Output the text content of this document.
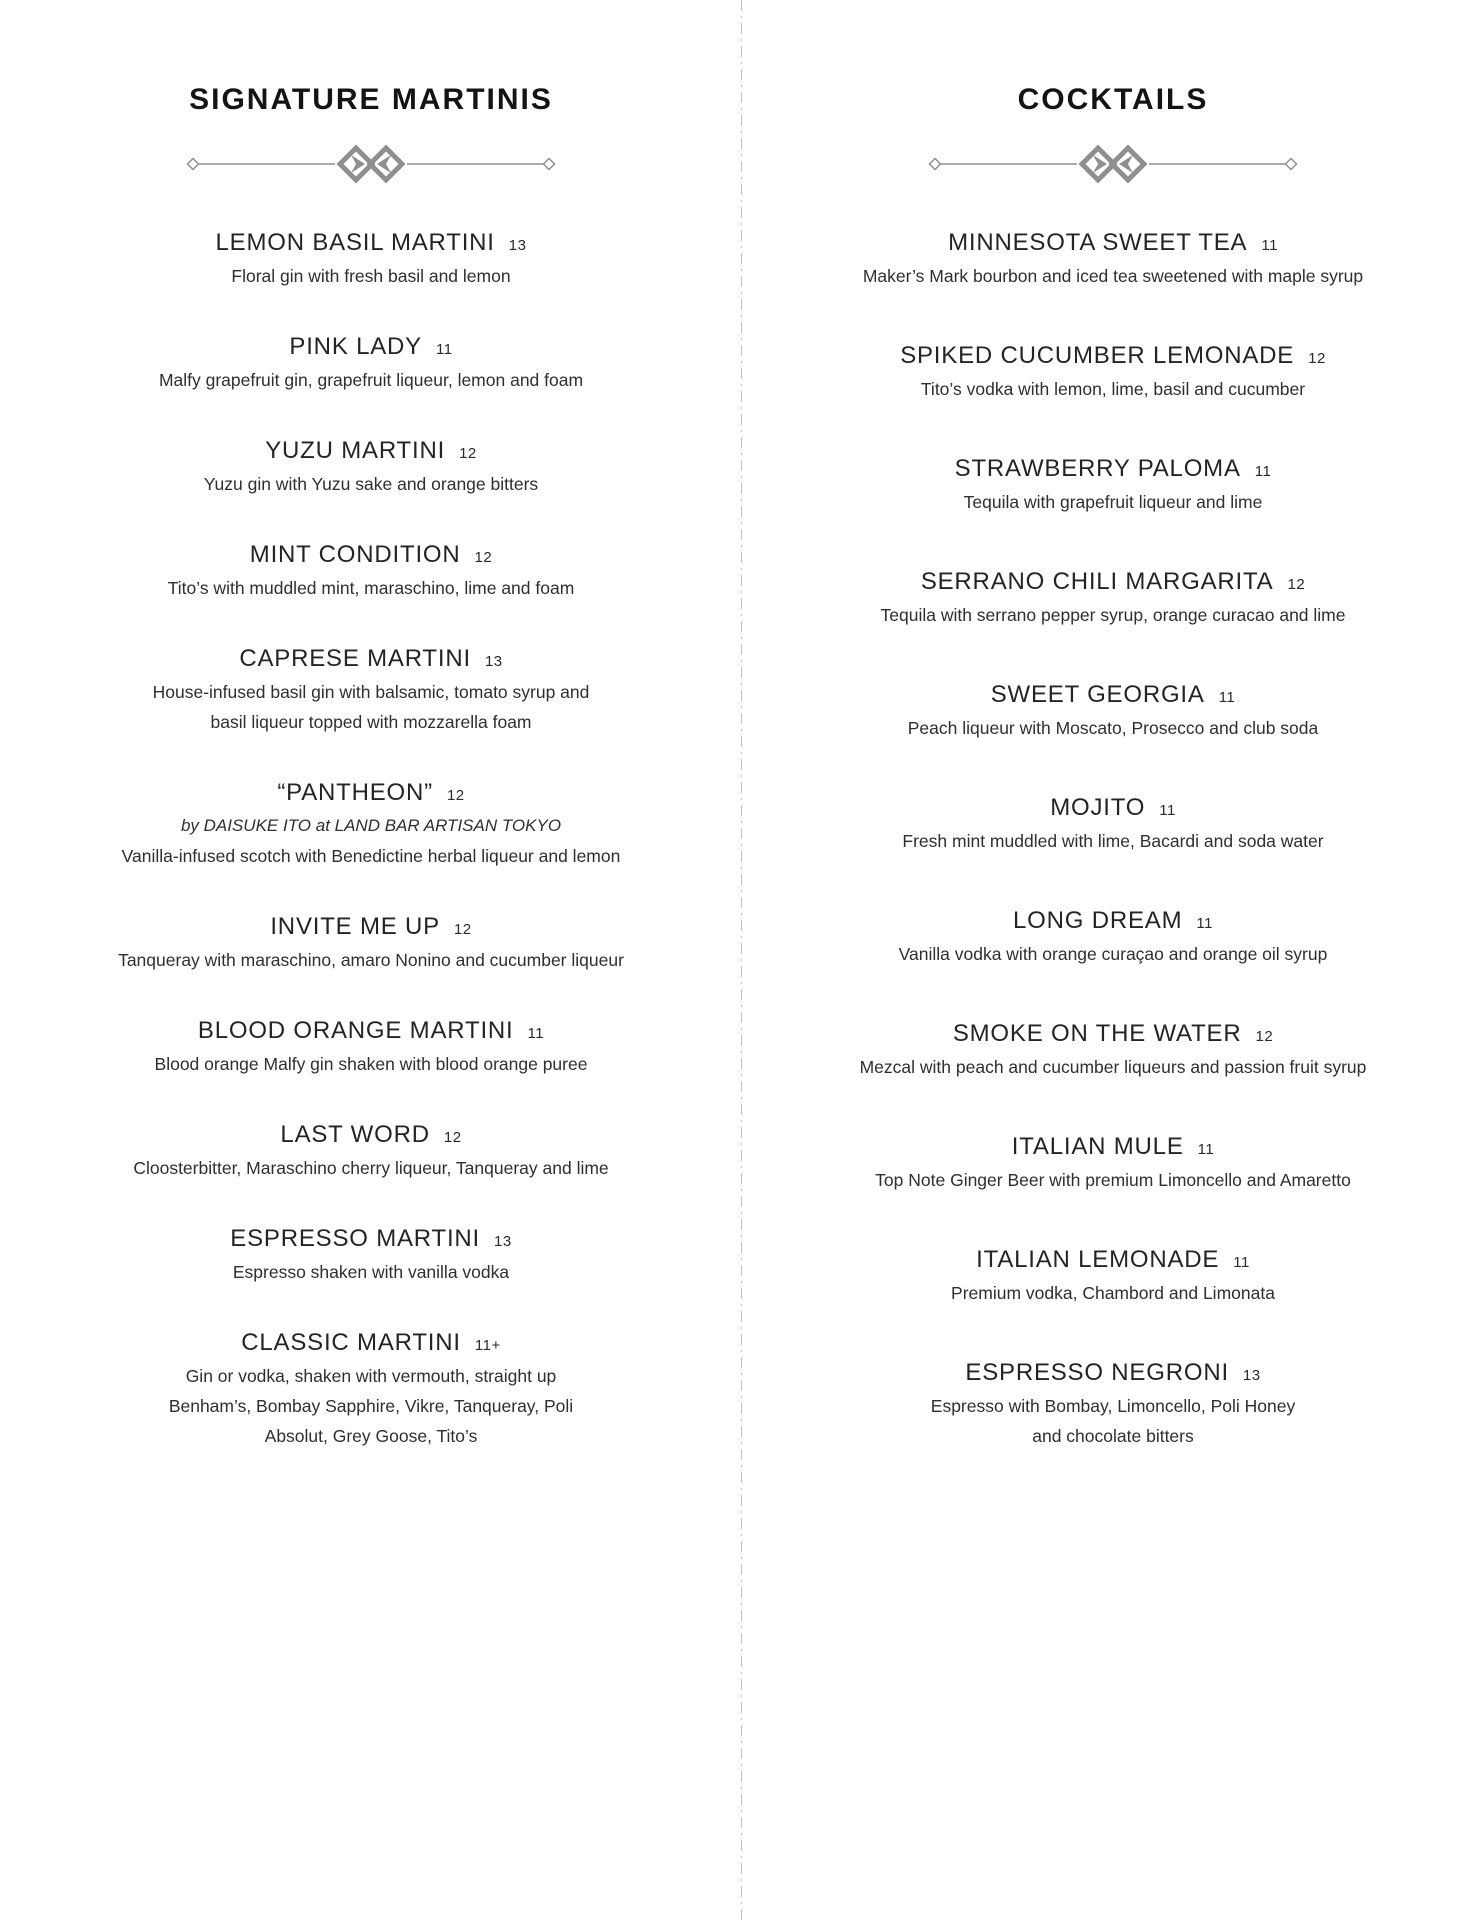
SIGNATURE MARTINIS
LEMON BASIL MARTINI 13
Floral gin with fresh basil and lemon
PINK LADY 11
Malfy grapefruit gin, grapefruit liqueur, lemon and foam
YUZU MARTINI 12
Yuzu gin with Yuzu sake and orange bitters
MINT CONDITION 12
Tito’s with muddled mint, maraschino, lime and foam
CAPRESE MARTINI 13
House-infused basil gin with balsamic, tomato syrup and
basil liqueur topped with mozzarella foam
“PANTHEON” 12
by DAISUKE ITO at LAND BAR ARTISAN TOKYO
Vanilla-infused scotch with Benedictine herbal liqueur and lemon
INVITE ME UP 12
Tanqueray with maraschino, amaro Nonino and cucumber liqueur
BLOOD ORANGE MARTINI 11
Blood orange Malfy gin shaken with blood orange puree
LAST WORD 12
Cloosterbitter, Maraschino cherry liqueur, Tanqueray and lime
ESPRESSO MARTINI 13
Espresso shaken with vanilla vodka
CLASSIC MARTINI 11+
Gin or vodka, shaken with vermouth, straight up
Benham’s, Bombay Sapphire, Vikre, Tanqueray, Poli
Absolut, Grey Goose, Tito’s
COCKTAILS
MINNESOTA SWEET TEA 11
Maker’s Mark bourbon and iced tea sweetened with maple syrup
SPIKED CUCUMBER LEMONADE 12
Tito’s vodka with lemon, lime, basil and cucumber
STRAWBERRY PALOMA 11
Tequila with grapefruit liqueur and lime
SERRANO CHILI MARGARITA 12
Tequila with serrano pepper syrup, orange curacao and lime
SWEET GEORGIA 11
Peach liqueur with Moscato, Prosecco and club soda
MOJITO 11
Fresh mint muddled with lime, Bacardi and soda water
LONG DREAM 11
Vanilla vodka with orange curaçao and orange oil syrup
SMOKE ON THE WATER 12
Mezcal with peach and cucumber liqueurs and passion fruit syrup
ITALIAN MULE 11
Top Note Ginger Beer with premium Limoncello and Amaretto
ITALIAN LEMONADE 11
Premium vodka, Chambord and Limonata
ESPRESSO NEGRONI 13
Espresso with Bombay, Limoncello, Poli Honey
and chocolate bitters
